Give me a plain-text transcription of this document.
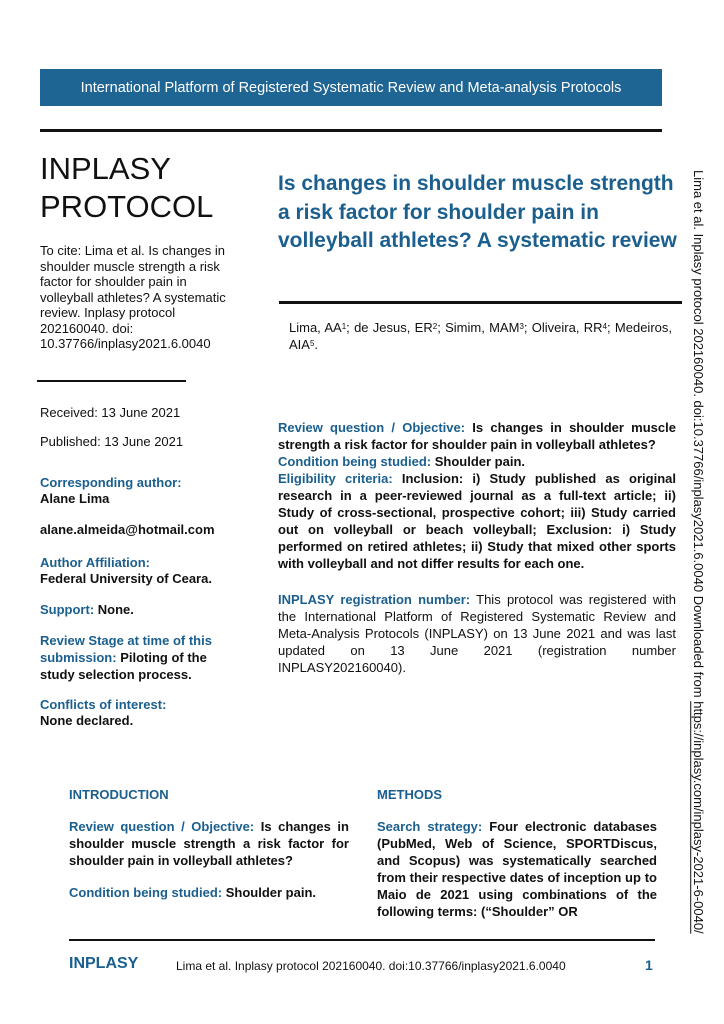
International Platform of Registered Systematic Review and Meta-analysis Protocols
INPLASY
PROTOCOL
To cite: Lima et al. Is changes in shoulder muscle strength a risk factor for shoulder pain in volleyball athletes? A systematic review. Inplasy protocol 202160040. doi: 10.37766/inplasy2021.6.0040
Received: 13 June 2021
Published: 13 June 2021
Corresponding author:
Alane Lima
alane.almeida@hotmail.com
Author Affiliation:
Federal University of Ceara.
Support: None.
Review Stage at time of this submission: Piloting of the study selection process.
Conflicts of interest:
None declared.
Is changes in shoulder muscle strength a risk factor for shoulder pain in volleyball athletes? A systematic review
Lima, $AA^1$; de Jesus, $ER^2$; Simim, MAM$^3$; Oliveira, $RR^4$; Medeiros, AIA$^5$.
Review question / Objective: Is changes in shoulder muscle strength a risk factor for shoulder pain in volleyball athletes?
Condition being studied: Shoulder pain.
Eligibility criteria: Inclusion: i) Study published as original research in a peer-reviewed journal as a full-text article; ii) Study of cross-sectional, prospective cohort; iii) Study carried out on volleyball or beach volleyball; Exclusion: i) Study performed on retired athletes; ii) Study that mixed other sports with volleyball and not differ results for each one.
INPLASY registration number: This protocol was registered with the International Platform of Registered Systematic Review and Meta-Analysis Protocols (INPLASY) on 13 June 2021 and was last updated on 13 June 2021 (registration number INPLASY202160040).
INTRODUCTION
Review question / Objective: Is changes in shoulder muscle strength a risk factor for shoulder pain in volleyball athletes?
Condition being studied: Shoulder pain.
METHODS
Search strategy: Four electronic databases (PubMed, Web of Science, SPORTDiscus, and Scopus) was systematically searched from their respective dates of inception up to Maio de 2021 using combinations of the following terms: (“Shoulder” OR
Lima et al. Inplasy protocol 202160040. doi:10.37766/inplasy2021.6.0040 Downloaded from https://inplasy.com/inplasy-2021-6-0040/
INPLASY	Lima et al. Inplasy protocol 202160040. doi:10.37766/inplasy2021.6.0040	1
